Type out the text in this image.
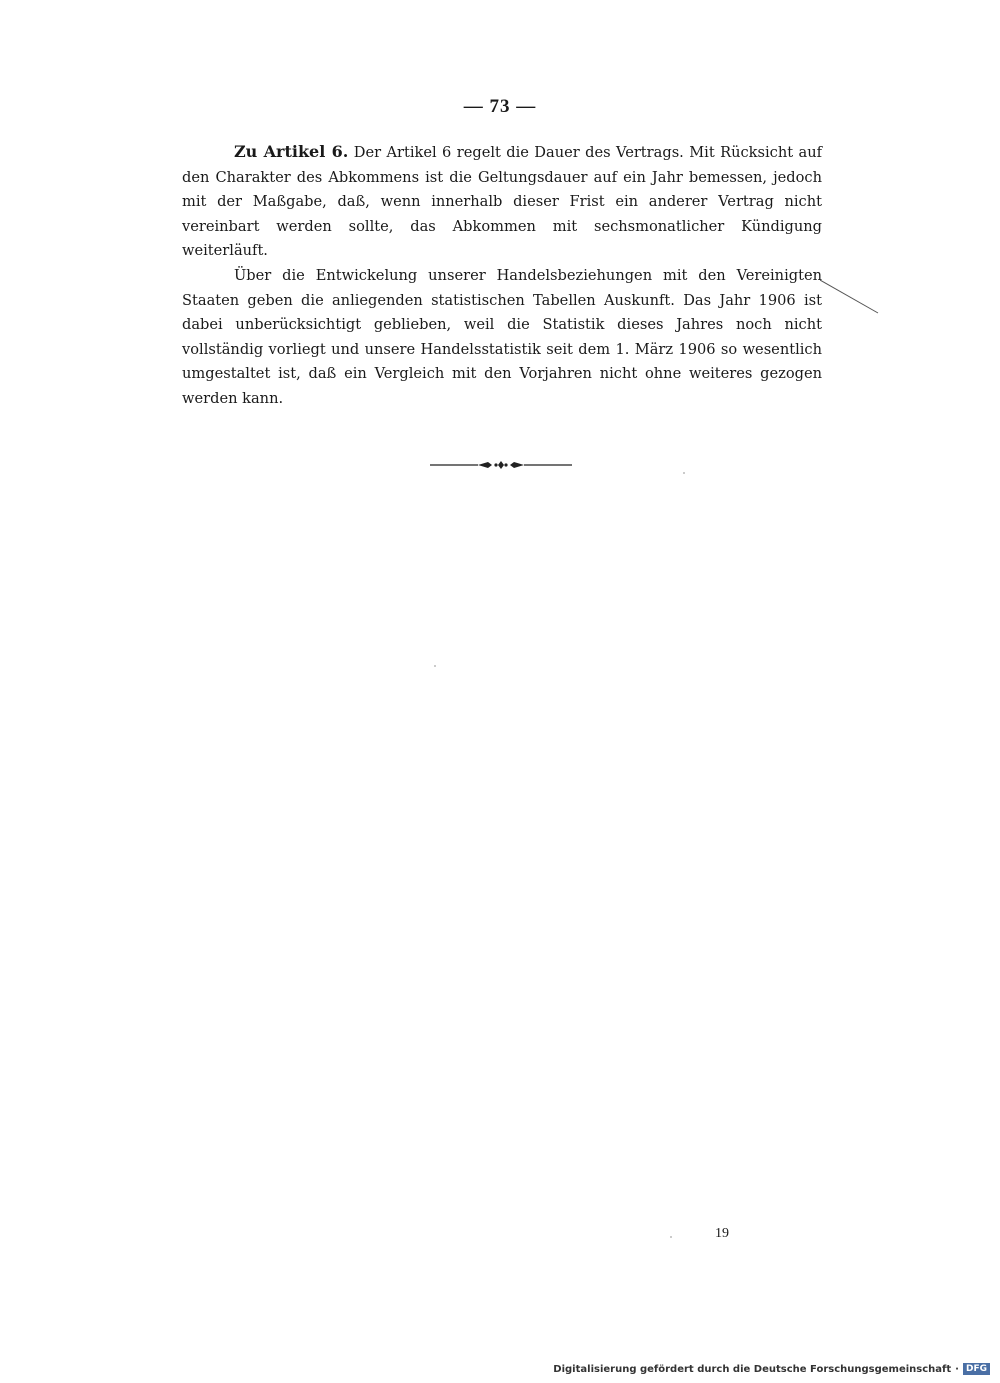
— 73 —

Zu Artikel 6. Der Artikel 6 regelt die Dauer des Vertrags. Mit Rücksicht auf den Charakter des Abkommens ist die Geltungsdauer auf ein Jahr bemessen, jedoch mit der Maßgabe, daß, wenn innerhalb dieser Frist ein anderer Vertrag nicht vereinbart werden sollte, das Abkommen mit sechsmonatlicher Kündigung weiterläuft.

Über die Entwickelung unserer Handelsbeziehungen mit den Vereinigten Staaten geben die anliegenden statistischen Tabellen Auskunft. Das Jahr 1906 ist dabei unberücksichtigt geblieben, weil die Statistik dieses Jahres noch nicht vollständig vorliegt und unsere Handelsstatistik seit dem 1. März 1906 so wesentlich umgestaltet ist, daß ein Vergleich mit den Vorjahren nicht ohne weiteres gezogen werden kann.

19
Digitalisierung gefördert durch die Deutsche Forschungsgemeinschaft · DFG
